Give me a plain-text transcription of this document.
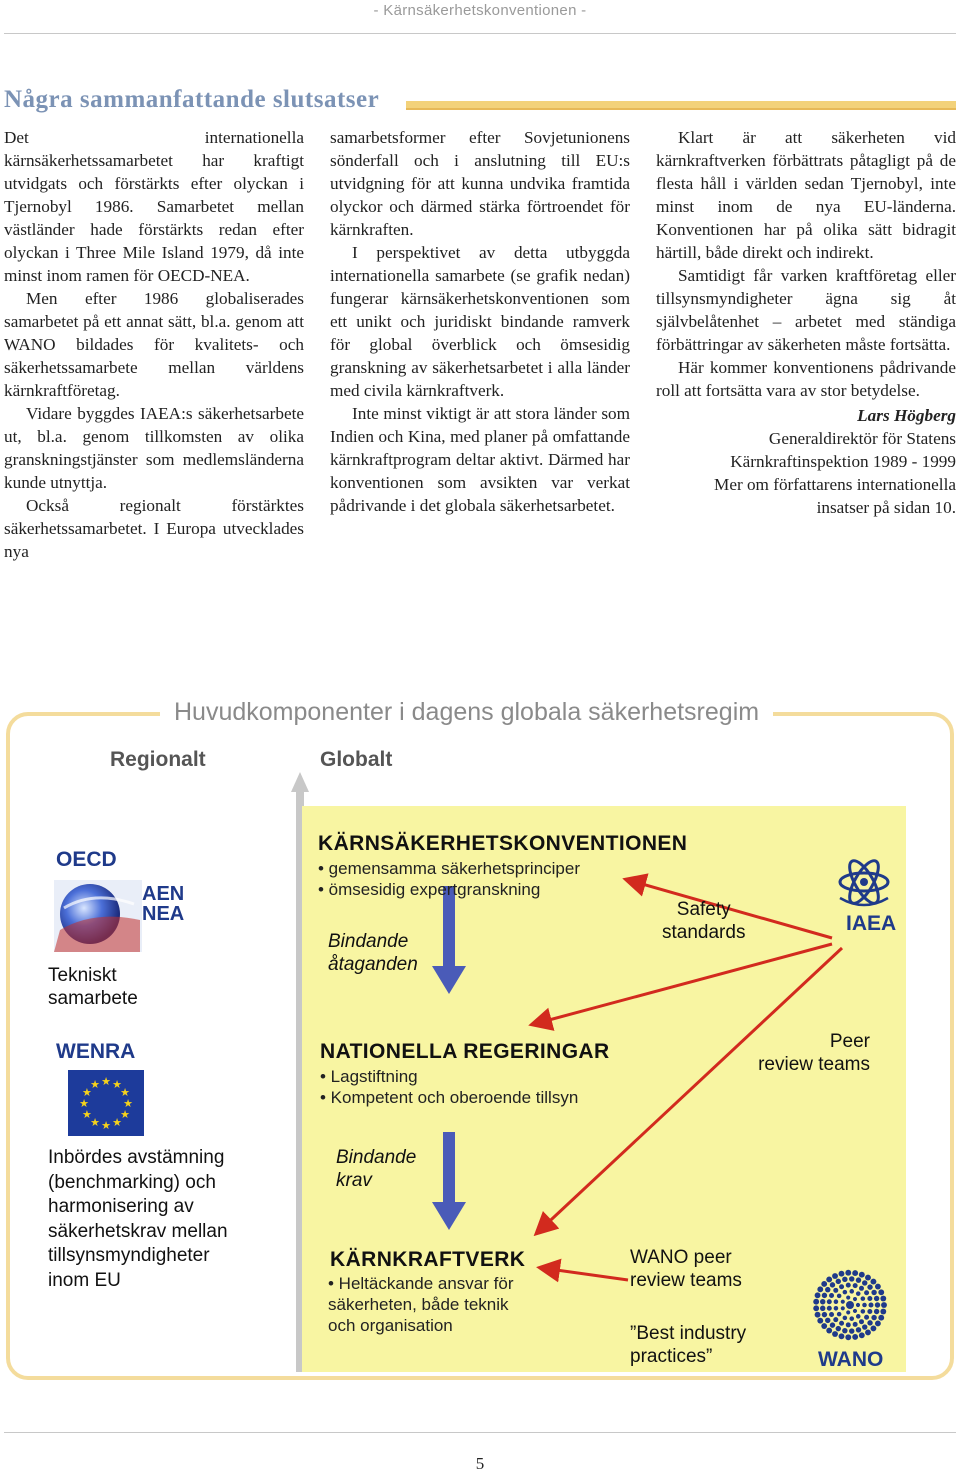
- Kärnsäkerhetskonventionen -
Några sammanfattande slutsatser

Det internationella kärnsäkerhetssamarbetet har kraftigt utvidgats och förstärkts efter olyckan i Tjernobyl 1986. Samarbetet mellan västländer hade förstärkts redan efter olyckan i Three Mile Island 1979, då inte minst inom ramen för OECD-NEA.

Men efter 1986 globaliserades samarbetet på ett annat sätt, bl.a. genom att WANO bildades för kvalitets- och säkerhetssamarbete mellan världens kärnkraftföretag.

Vidare byggdes IAEA:s säkerhetsarbete ut, bl.a. genom tillkomsten av olika granskningstjänster som medlemsländerna kunde utnyttja.

Också regionalt förstärktes säkerhetssamarbetet. I Europa utvecklades nya

samarbetsformer efter Sovjetunionens sönderfall och i anslutning till EU:s utvidgning för att kunna undvika framtida olyckor och därmed stärka förtroendet för kärnkraften.

I perspektivet av detta utbyggda internationella samarbete (se grafik nedan) fungerar kärnsäkerhetskonventionen som ett unikt och juridiskt bindande ramverk för global överblick och ömsesidig granskning av säkerhetsarbetet i alla länder med civila kärnkraftverk.

Inte minst viktigt är att stora länder som Indien och Kina, med planer på omfattande kärnkraftprogram deltar aktivt. Därmed har konventionen som avsikten var verkat pådrivande i det globala säkerhetsarbetet.

Klart är att säkerheten vid kärnkraftverken förbättrats påtagligt på de flesta håll i världen sedan Tjernobyl, inte minst inom de nya EU-länderna. Konventionen har på olika sätt bidragit härtill, både direkt och indirekt.

Samtidigt får varken kraftföretag eller tillsynsmyndigheter ägna sig åt självbelåtenhet – arbetet med ständiga förbättringar av säkerheten måste fortsätta.

Här kommer konventionens pådrivande roll att fortsätta vara av stor betydelse.

Lars Högberg

Generaldirektör för Statens

Kärnkraftinspektion 1989 - 1999

Mer om författarens internationella

insatser på sidan 10.

Huvudkomponenter i dagens globala säkerhetsregim
Regionalt	Globalt
OECD
AEN
NEA
Tekniskt
samarbete
WENRA
★
★
★
★
★
★
★
★
★ ★ ★
★
Inbördes avstämning
(benchmarking) och
harmonisering av
säkerhetskrav mellan
tillsynsmyndigheter
inom EU
KÄRNSÄKERHETSKONVENTIONEN
• gemensamma säkerhetsprinciper
• ömsesidig expertgranskning
Bindande
åtaganden
Safety
standards	IAEA
Peer
review teams
NATIONELLA REGERINGAR
• Lagstiftning
• Kompetent och oberoende tillsyn
Bindande
krav
KÄRNKRAFTVERK
• Heltäckande ansvar för
säkerheten, både teknik
och organisation
WANO peer
review teams
”Best industry
practices”	WANO
5
